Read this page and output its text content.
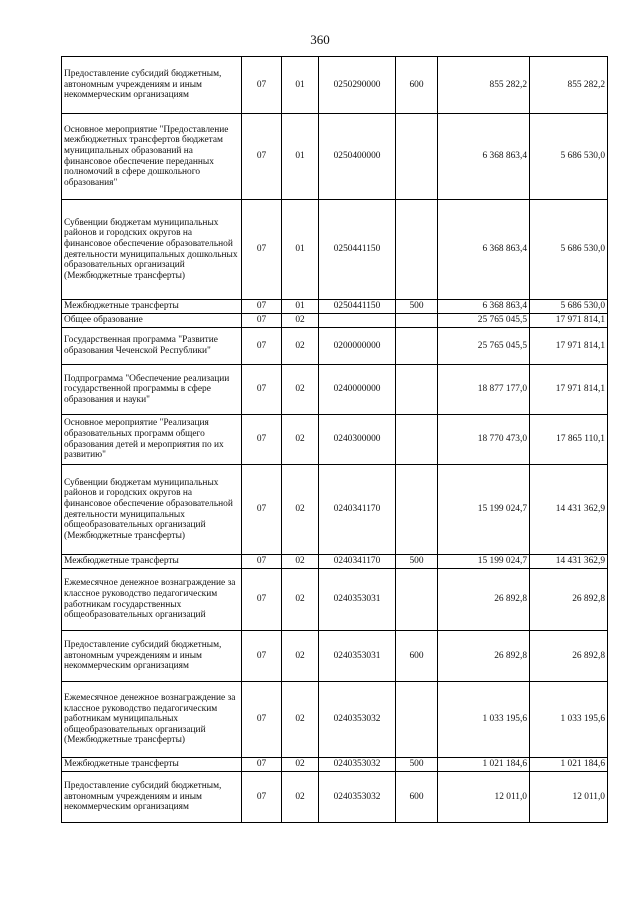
360
Предоставление субсидий бюджетным, автономным учреждениям и иным некоммерческим организациям	07	01	0250290000	600	855 282,2	855 282,2
Основное мероприятие "Предоставление межбюджетных трансфертов бюджетам муниципальных образований на финансовое обеспечение переданных полномочий в сфере дошкольного образования"	07	01	0250400000		6 368 863,4	5 686 530,0
Субвенции бюджетам муниципальных районов и городских округов на финансовое обеспечение образовательной деятельности муниципальных дошкольных образовательных организаций (Межбюджетные трансферты)	07	01	0250441150		6 368 863,4	5 686 530,0
Межбюджетные трансферты	07	01	0250441150	500	6 368 863,4	5 686 530,0
Общее образование	07	02			25 765 045,5	17 971 814,1
Государственная программа "Развитие образования Чеченской Республики"	07	02	0200000000		25 765 045,5	17 971 814,1
Подпрограмма "Обеспечение реализации государственной программы в сфере образования и науки"	07	02	0240000000		18 877 177,0	17 971 814,1
Основное мероприятие "Реализация образовательных программ общего образования детей и мероприятия по их развитию"	07	02	0240300000		18 770 473,0	17 865 110,1
Субвенции бюджетам муниципальных районов и городских округов на финансовое обеспечение образовательной деятельности муниципальных общеобразовательных организаций (Межбюджетные трансферты)	07	02	0240341170		15 199 024,7	14 431 362,9
Межбюджетные трансферты	07	02	0240341170	500	15 199 024,7	14 431 362,9
Ежемесячное денежное вознаграждение за классное руководство педагогическим работникам государственных общеобразовательных организаций	07	02	0240353031		26 892,8	26 892,8
Предоставление субсидий бюджетным, автономным учреждениям и иным некоммерческим организациям	07	02	0240353031	600	26 892,8	26 892,8
Ежемесячное денежное вознаграждение за классное руководство педагогическим работникам муниципальных общеобразовательных организаций (Межбюджетные трансферты)	07	02	0240353032		1 033 195,6	1 033 195,6
Межбюджетные трансферты	07	02	0240353032	500	1 021 184,6	1 021 184,6
Предоставление субсидий бюджетным, автономным учреждениям и иным некоммерческим организациям	07	02	0240353032	600	12 011,0	12 011,0
